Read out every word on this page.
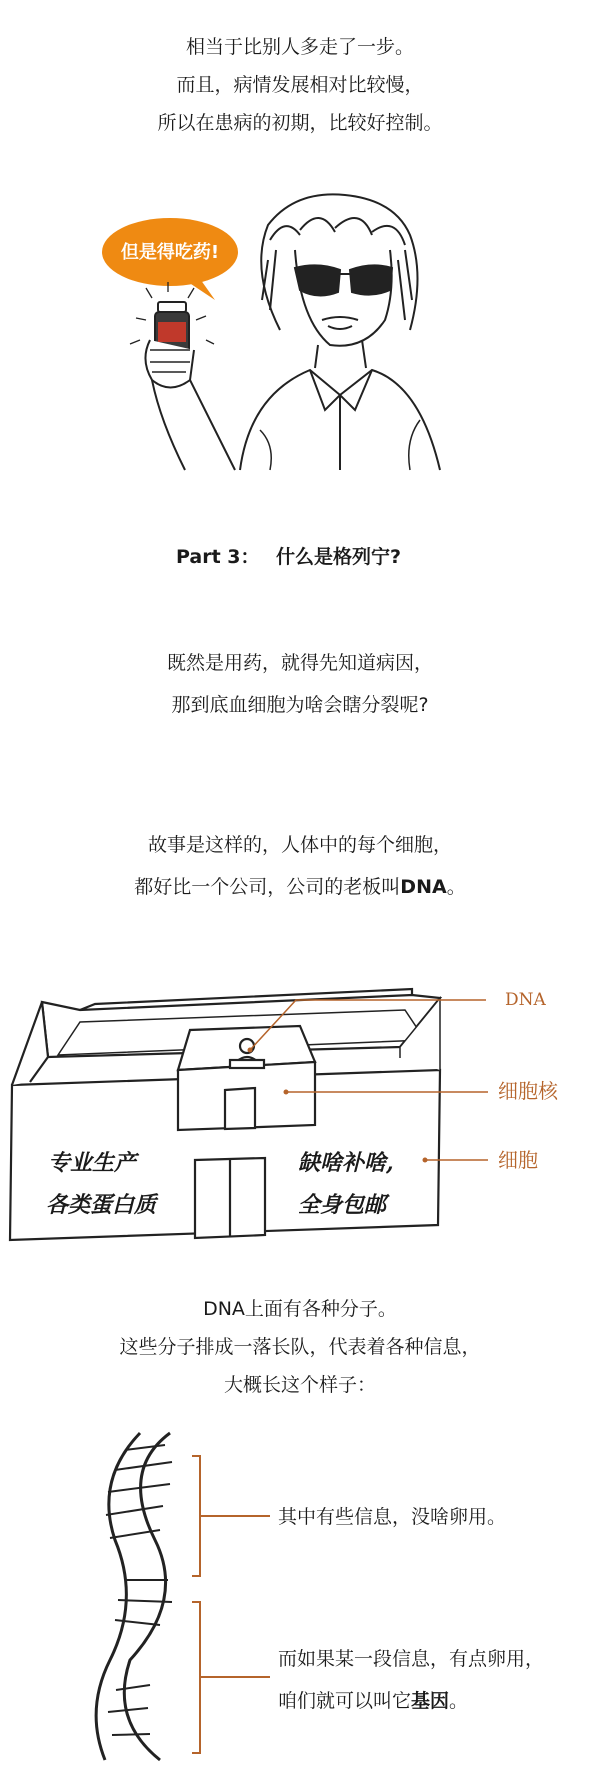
相当于比别人多走了一步。
而且，病情发展相对比较慢，
所以在患病的初期，比较好控制。
但是得吃药!
Part 3： 什么是格列宁?
既然是用药，就得先知道病因，
那到底血细胞为啥会瞎分裂呢?
故事是这样的，人体中的每个细胞，
都好比一个公司，公司的老板叫DNA。
DNA
细胞核
细胞
专业生产
各类蛋白质
缺啥补啥,
全身包邮
DNA上面有各种分子。
这些分子排成一落长队，代表着各种信息，
大概长这个样子：
其中有些信息，没啥卵用。
而如果某一段信息，有点卵用，
咱们就可以叫它基因。
